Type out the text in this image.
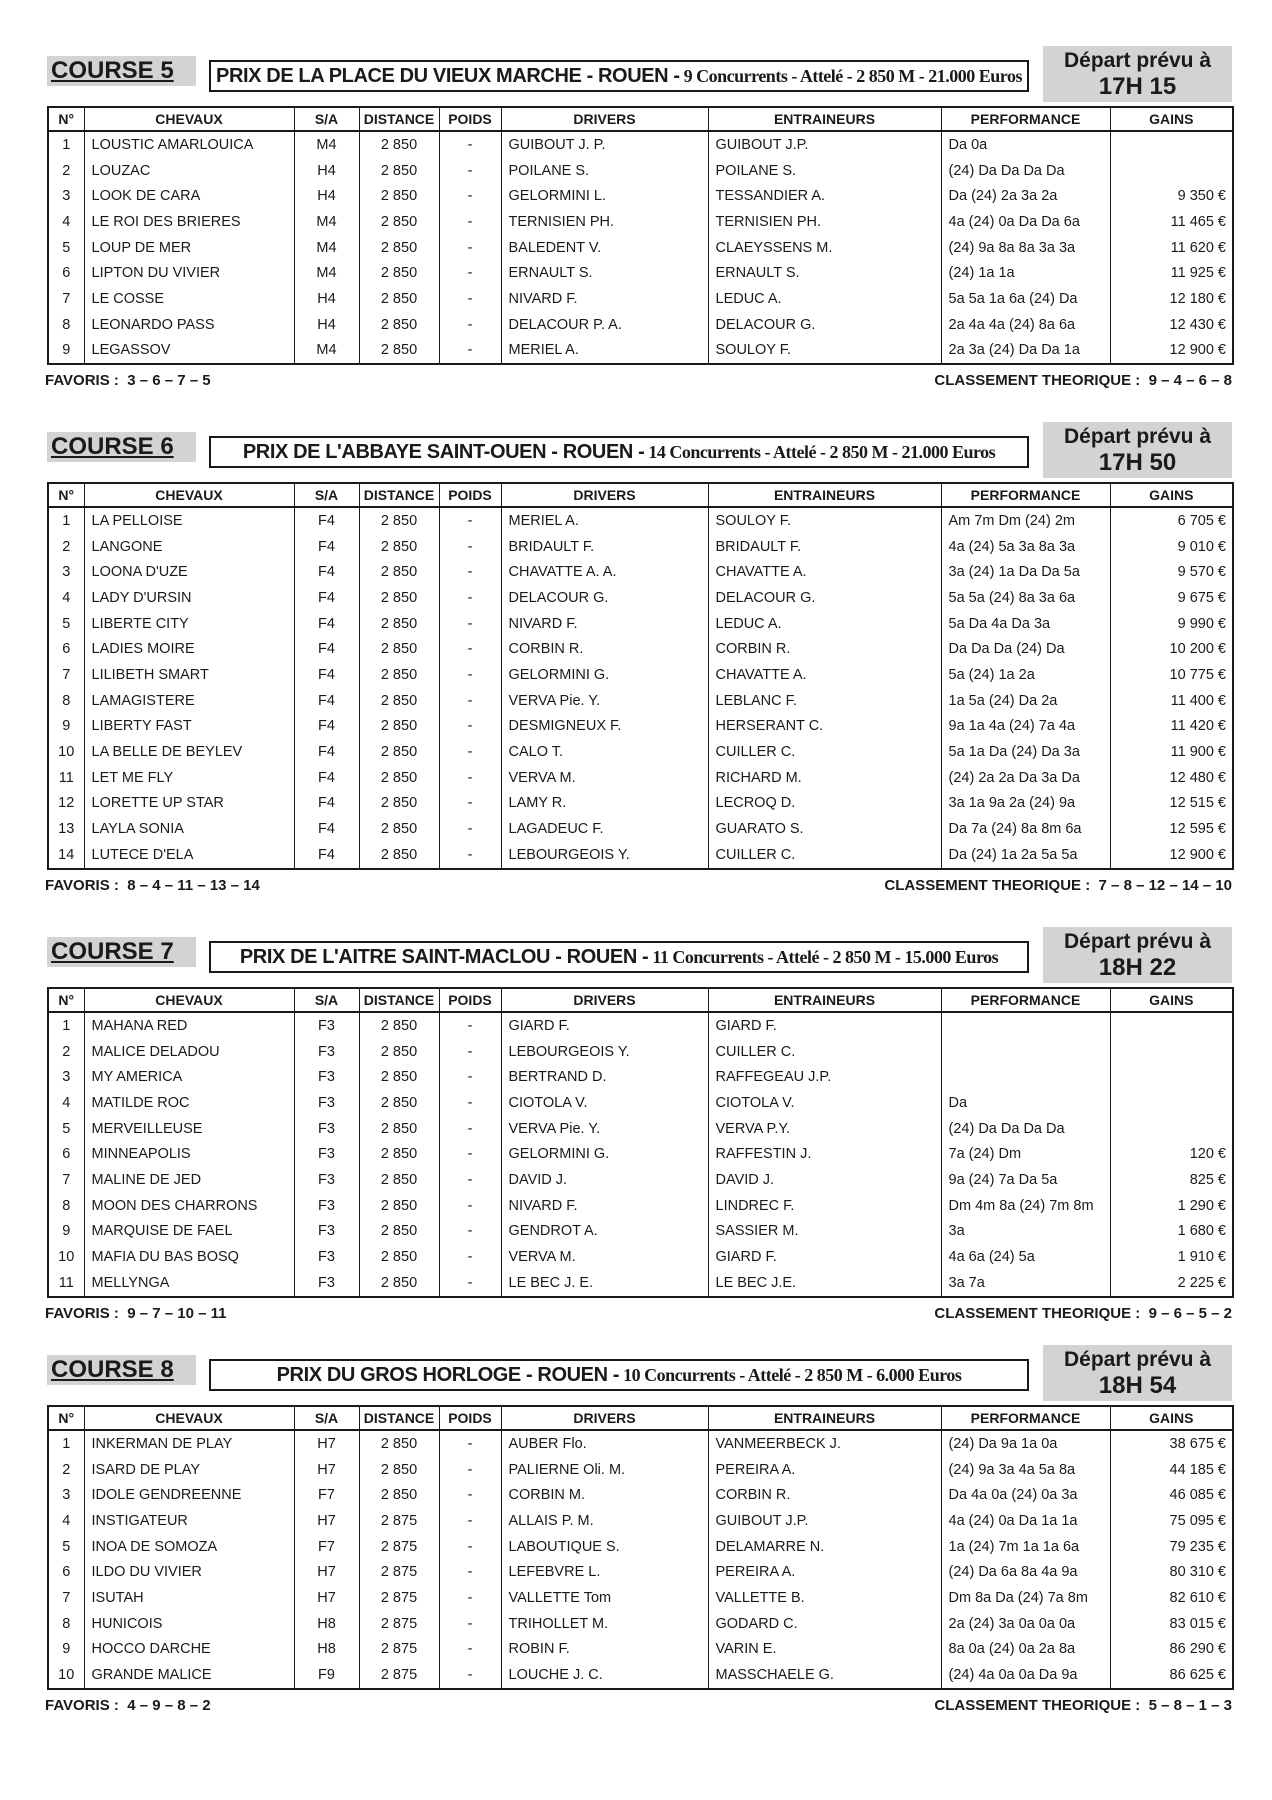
COURSE 5	PRIX DE LA PLACE DU VIEUX MARCHE - ROUEN - 9 Concurrents - Attelé - 2 850 M - 21.000 Euros
Départ prévu à
17H 15
N°	CHEVAUX	S/A	DISTANCE	POIDS	DRIVERS	ENTRAINEURS	PERFORMANCE	GAINS
1	LOUSTIC AMARLOUICA	M4	2 850	-	GUIBOUT J. P.	GUIBOUT J.P.	Da 0a	
2	LOUZAC	H4	2 850	-	POILANE S.	POILANE S.	(24) Da Da Da Da	
3	LOOK DE CARA	H4	2 850	-	GELORMINI L.	TESSANDIER A.	Da (24) 2a 3a 2a	9 350 €
4	LE ROI DES BRIERES	M4	2 850	-	TERNISIEN PH.	TERNISIEN PH.	4a (24) 0a Da Da 6a	11 465 €
5	LOUP DE MER	M4	2 850	-	BALEDENT V.	CLAEYSSENS M.	(24) 9a 8a 8a 3a 3a	11 620 €
6	LIPTON DU VIVIER	M4	2 850	-	ERNAULT S.	ERNAULT S.	(24) 1a 1a	11 925 €
7	LE COSSE	H4	2 850	-	NIVARD F.	LEDUC A.	5a 5a 1a 6a (24) Da	12 180 €
8	LEONARDO PASS	H4	2 850	-	DELACOUR P. A.	DELACOUR G.	2a 4a 4a (24) 8a 6a	12 430 €
9	LEGASSOV	M4	2 850	-	MERIEL A.	SOULOY F.	2a 3a (24) Da Da 1a	12 900 €
FAVORIS : 3 – 6 – 7 – 5	CLASSEMENT THEORIQUE : 9 – 4 – 6 – 8
COURSE 6	PRIX DE L'ABBAYE SAINT-OUEN - ROUEN - 14 Concurrents - Attelé - 2 850 M - 21.000 Euros
Départ prévu à
17H 50
N°	CHEVAUX	S/A	DISTANCE	POIDS	DRIVERS	ENTRAINEURS	PERFORMANCE	GAINS
1	LA PELLOISE	F4	2 850	-	MERIEL A.	SOULOY F.	Am 7m Dm (24) 2m	6 705 €
2	LANGONE	F4	2 850	-	BRIDAULT F.	BRIDAULT F.	4a (24) 5a 3a 8a 3a	9 010 €
3	LOONA D'UZE	F4	2 850	-	CHAVATTE A. A.	CHAVATTE A.	3a (24) 1a Da Da 5a	9 570 €
4	LADY D'URSIN	F4	2 850	-	DELACOUR G.	DELACOUR G.	5a 5a (24) 8a 3a 6a	9 675 €
5	LIBERTE CITY	F4	2 850	-	NIVARD F.	LEDUC A.	5a Da 4a Da 3a	9 990 €
6	LADIES MOIRE	F4	2 850	-	CORBIN R.	CORBIN R.	Da Da Da (24) Da	10 200 €
7	LILIBETH SMART	F4	2 850	-	GELORMINI G.	CHAVATTE A.	5a (24) 1a 2a	10 775 €
8	LAMAGISTERE	F4	2 850	-	VERVA Pie. Y.	LEBLANC F.	1a 5a (24) Da 2a	11 400 €
9	LIBERTY FAST	F4	2 850	-	DESMIGNEUX F.	HERSERANT C.	9a 1a 4a (24) 7a 4a	11 420 €
10	LA BELLE DE BEYLEV	F4	2 850	-	CALO T.	CUILLER C.	5a 1a Da (24) Da 3a	11 900 €
11	LET ME FLY	F4	2 850	-	VERVA M.	RICHARD M.	(24) 2a 2a Da 3a Da	12 480 €
12	LORETTE UP STAR	F4	2 850	-	LAMY R.	LECROQ D.	3a 1a 9a 2a (24) 9a	12 515 €
13	LAYLA SONIA	F4	2 850	-	LAGADEUC F.	GUARATO S.	Da 7a (24) 8a 8m 6a	12 595 €
14	LUTECE D'ELA	F4	2 850	-	LEBOURGEOIS Y.	CUILLER C.	Da (24) 1a 2a 5a 5a	12 900 €
FAVORIS : 8 – 4 – 11 – 13 – 14	CLASSEMENT THEORIQUE : 7 – 8 – 12 – 14 – 10
COURSE 7	PRIX DE L'AITRE SAINT-MACLOU - ROUEN - 11 Concurrents - Attelé - 2 850 M - 15.000 Euros
Départ prévu à
18H 22
N°	CHEVAUX	S/A	DISTANCE	POIDS	DRIVERS	ENTRAINEURS	PERFORMANCE	GAINS
1	MAHANA RED	F3	2 850	-	GIARD F.	GIARD F.		
2	MALICE DELADOU	F3	2 850	-	LEBOURGEOIS Y.	CUILLER C.		
3	MY AMERICA	F3	2 850	-	BERTRAND D.	RAFFEGEAU J.P.		
4	MATILDE ROC	F3	2 850	-	CIOTOLA V.	CIOTOLA V.	Da	
5	MERVEILLEUSE	F3	2 850	-	VERVA Pie. Y.	VERVA P.Y.	(24) Da Da Da Da	
6	MINNEAPOLIS	F3	2 850	-	GELORMINI G.	RAFFESTIN J.	7a (24) Dm	120 €
7	MALINE DE JED	F3	2 850	-	DAVID J.	DAVID J.	9a (24) 7a Da 5a	825 €
8	MOON DES CHARRONS	F3	2 850	-	NIVARD F.	LINDREC F.	Dm 4m 8a (24) 7m 8m	1 290 €
9	MARQUISE DE FAEL	F3	2 850	-	GENDROT A.	SASSIER M.	3a	1 680 €
10	MAFIA DU BAS BOSQ	F3	2 850	-	VERVA M.	GIARD F.	4a 6a (24) 5a	1 910 €
11	MELLYNGA	F3	2 850	-	LE BEC J. E.	LE BEC J.E.	3a 7a	2 225 €
FAVORIS : 9 – 7 – 10 – 11	CLASSEMENT THEORIQUE : 9 – 6 – 5 – 2
COURSE 8	PRIX DU GROS HORLOGE - ROUEN - 10 Concurrents - Attelé - 2 850 M - 6.000 Euros
Départ prévu à
18H 54
N°	CHEVAUX	S/A	DISTANCE	POIDS	DRIVERS	ENTRAINEURS	PERFORMANCE	GAINS
1	INKERMAN DE PLAY	H7	2 850	-	AUBER Flo.	VANMEERBECK J.	(24) Da 9a 1a 0a	38 675 €
2	ISARD DE PLAY	H7	2 850	-	PALIERNE Oli. M.	PEREIRA A.	(24) 9a 3a 4a 5a 8a	44 185 €
3	IDOLE GENDREENNE	F7	2 850	-	CORBIN M.	CORBIN R.	Da 4a 0a (24) 0a 3a	46 085 €
4	INSTIGATEUR	H7	2 875	-	ALLAIS P. M.	GUIBOUT J.P.	4a (24) 0a Da 1a 1a	75 095 €
5	INOA DE SOMOZA	F7	2 875	-	LABOUTIQUE S.	DELAMARRE N.	1a (24) 7m 1a 1a 6a	79 235 €
6	ILDO DU VIVIER	H7	2 875	-	LEFEBVRE L.	PEREIRA A.	(24) Da 6a 8a 4a 9a	80 310 €
7	ISUTAH	H7	2 875	-	VALLETTE Tom	VALLETTE B.	Dm 8a Da (24) 7a 8m	82 610 €
8	HUNICOIS	H8	2 875	-	TRIHOLLET M.	GODARD C.	2a (24) 3a 0a 0a 0a	83 015 €
9	HOCCO DARCHE	H8	2 875	-	ROBIN F.	VARIN E.	8a 0a (24) 0a 2a 8a	86 290 €
10	GRANDE MALICE	F9	2 875	-	LOUCHE J. C.	MASSCHAELE G.	(24) 4a 0a 0a Da 9a	86 625 €
FAVORIS : 4 – 9 – 8 – 2	CLASSEMENT THEORIQUE : 5 – 8 – 1 – 3
